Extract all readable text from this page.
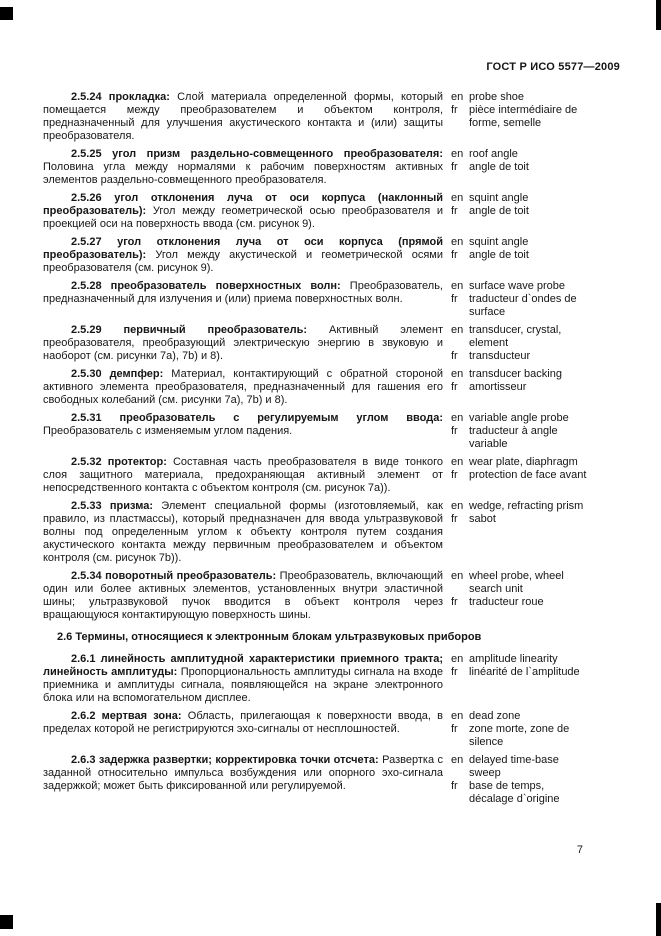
ГОСТ Р ИСО 5577—2009

2.5.24 прокладка: Слой материала определенной формы, который помещается между преобразователем и объектом контроля, предназначенный для улучшения акустического контакта и (или) защиты преобразователя.

en probe shoe
fr	pièce intermédiaire de forme, semelle

2.5.25 угол призм раздельно-совмещенного преобразователя: Половина угла между нормалями к рабочим поверхностям активных элементов раздельно-совмещенного преобразователя.

en roof angle
fr	angle de toit

2.5.26 угол отклонения луча от оси корпуса (наклонный преобразователь): Угол между геометрической осью преобразователя и проекцией оси на поверхность ввода (см. рисунок 9).

en squint angle
fr	angle de toit

2.5.27 угол отклонения луча от оси корпуса (прямой преобразователь): Угол между акустической и геометрической осями преобразователя (см. рисунок 9).

en squint angle
fr	angle de toit

2.5.28 преобразователь поверхностных волн: Преобразователь, предназначенный для излучения и (или) приема поверхностных волн.

en surface wave probe
fr	traducteur d`ondes de surface

2.5.29 первичный преобразователь: Активный элемент преобразователя, преобразующий электрическую энергию в звуковую и наоборот (см. рисунки 7а), 7b) и 8).

en transducer, crystal, element
fr	transducteur

2.5.30 демпфер: Материал, контактирующий с обратной стороной активного элемента преобразователя, предназначенный для гашения его свободных колебаний (см. рисунки 7а), 7b) и 8).

en transducer backing
fr	amortisseur

2.5.31 преобразователь с регулируемым углом ввода: Преобразователь с изменяемым углом падения.

en variable angle probe
fr	traducteur à angle variable

2.5.32 протектор: Составная часть преобразователя в виде тонкого слоя защитного материала, предохраняющая активный элемент от непосредственного контакта с объектом контроля (см. рисунок 7а)).

en wear plate, diaphragm
fr	protection de face avant

2.5.33 призма: Элемент специальной формы (изготовляемый, как правило, из пластмассы), который предназначен для ввода ультразвуковой волны под определенным углом к объекту контроля путем создания акустического контакта между первичным преобразователем и объектом контроля (см. рисунок 7b)).

en wedge, refracting prism
fr	sabot

2.5.34 поворотный преобразователь: Преобразователь, включающий один или более активных элементов, установленных внутри эластичной шины; ультразвуковой пучок вводится в объект контроля через вращающуюся контактирующую поверхность шины.

en wheel probe, wheel search unit
fr	traducteur roue

2.6 Термины, относящиеся к электронным блокам ультразвуковых приборов

2.6.1 линейность амплитудной характеристики приемного тракта; линейность амплитуды: Пропорциональность амплитуды сигнала на входе приемника и амплитуды сигнала, появляющейся на экране электронного блока или на вспомогательном дисплее.

en amplitude linearity
fr	linéarité de l`amplitude

2.6.2 мертвая зона: Область, прилегающая к поверхности ввода, в пределах которой не регистрируются эхо-сигналы от несплошностей.

en dead zone
fr	zone morte, zone de silence

2.6.3 задержка развертки; корректировка точки отсчета: Развертка с заданной относительно импульса возбуждения или опорного эхо-сигнала задержкой; может быть фиксированной или регулируемой.

en delayed time-base sweep
fr	base de temps, décalage d`origine
7
